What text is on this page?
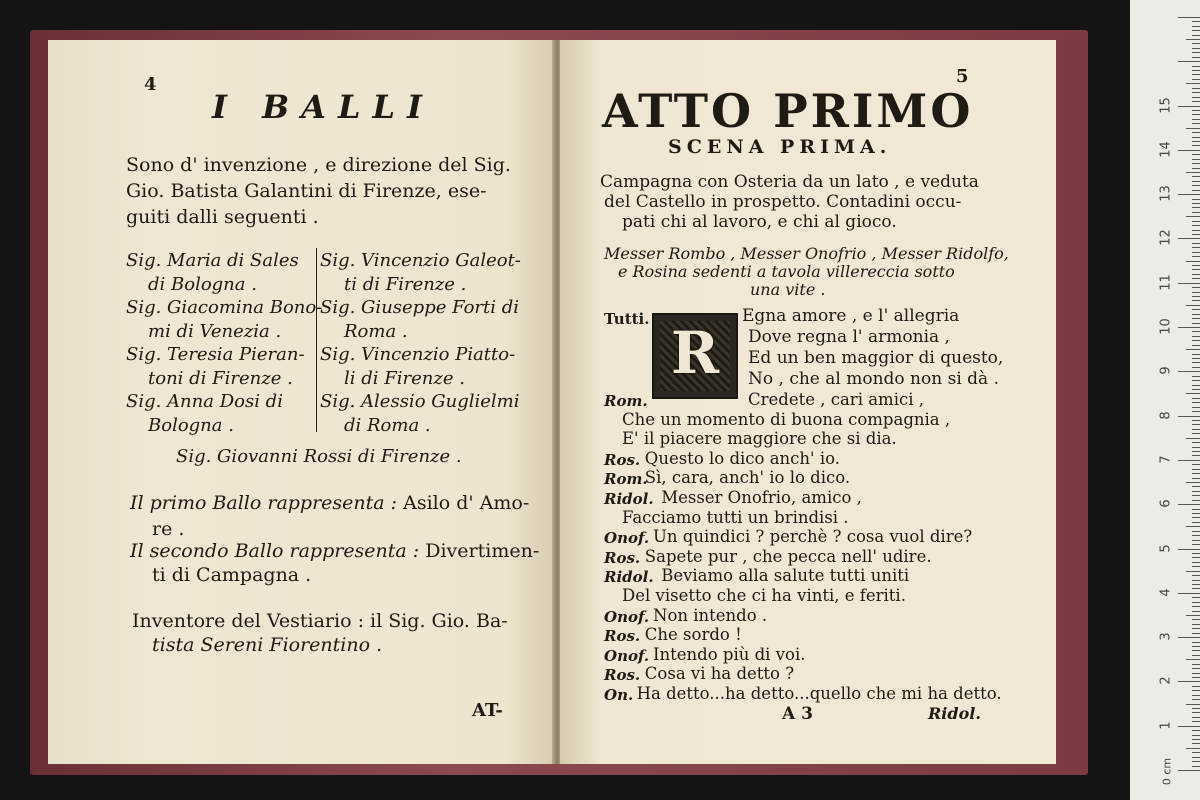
4
I BALLI
Sono d' invenzione , e direzione del Sig.
Gio. Batista Galantini di Firenze, ese-
guiti dalli seguenti .
Sig. Maria di Sales
di Bologna .
Sig. Giacomina Bono-
mi di Venezia .
Sig. Teresia Pieran-
toni di Firenze .
Sig. Anna Dosi di
Bologna .
Sig. Vincenzio Galeot-
ti di Firenze .
Sig. Giuseppe Forti di
Roma .
Sig. Vincenzio Piatto-
li di Firenze .
Sig. Alessio Guglielmi
di Roma .
Sig. Giovanni Rossi di Firenze .
Il primo Ballo rappresenta : Asilo d' Amo-
re .
Il secondo Ballo rappresenta : Divertimen-
ti di Campagna .
Inventore del Vestiario : il Sig. Gio. Ba-
tista Sereni Fiorentino .
AT-
5
ATTO PRIMO
SCENA PRIMA.
Campagna con Osteria da un lato , e veduta
del Castello in prospetto. Contadini occu-
pati chi al lavoro, e chi al gioco.
Messer Rombo , Messer Onofrio , Messer Ridolfo,
e Rosina sedenti a tavola villereccia sotto
una vite .
Tutti.	Egna amore , e l' allegria
Dove regna l' armonia ,
Ed un ben maggior di questo,
No , che al mondo non si dà .
Rom.	Credete , cari amici ,
Che un momento di buona compagnia ,
E' il piacere maggiore che si dia.
Ros. Questo lo dico anch' io.
Rom.
Sì, cara, anch' io lo dico.
Ridol. Messer Onofrio, amico ,
Facciamo tutti un brindisi .
Onof. Un quindici ? perchè ? cosa vuol dire?
Ros. Sapete pur , che pecca nell' udire.
Ridol. Beviamo alla salute tutti uniti
Del visetto che ci ha vinti, e feriti.
Onof. Non intendo .
Ros. Che sordo !
Onof. Intendo più di voi.
Ros. Cosa vi ha detto ?
On. Ha detto...ha detto...quello che mi ha detto.
A 3	Ridol.
R
0 cm
1
2
3
4
5
6
7
8
9
10
11
12
13
14
15
